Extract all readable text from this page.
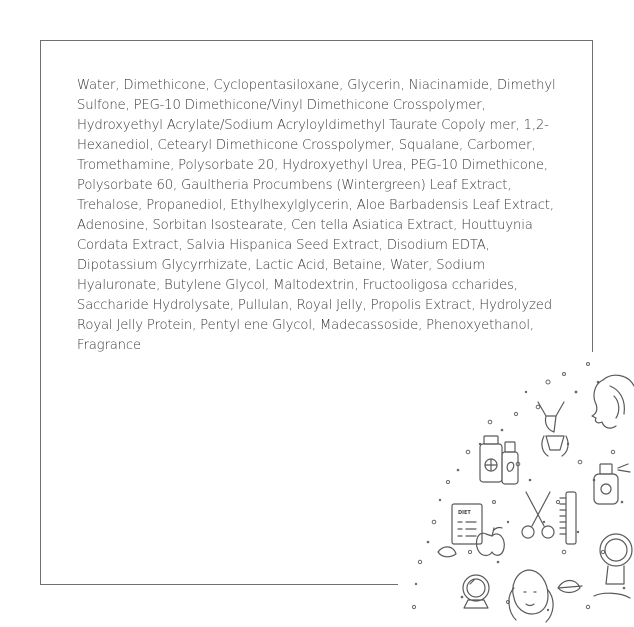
Water, Dimethicone, Cyclopentasiloxane, Glycerin, Niacinamide, Dimethyl Sulfone, PEG-10 Dimethicone/Vinyl Dimethicone Crosspolymer, Hydroxyethyl Acrylate/Sodium Acryloyldimethyl Taurate Copoly mer, 1,2-Hexanediol, Cetearyl Dimethicone Crosspolymer, Squalane, Carbomer, Tromethamine, Polysorbate 20, Hydroxyethyl Urea, PEG-10 Dimethicone, Polysorbate 60, Gaultheria Procumbens (Wintergreen) Leaf Extract, Trehalose, Propanediol, Ethylhexylglycerin, Aloe Barbadensis Leaf Extract, Adenosine, Sorbitan Isostearate, Cen tella Asiatica Extract, Houttuynia Cordata Extract, Salvia Hispanica Seed Extract, Disodium EDTA, Dipotassium Glycyrrhizate, Lactic Acid, Betaine, Water, Sodium Hyaluronate, Butylene Glycol, Maltodextrin, Fructooligosa ccharides, Saccharide Hydrolysate, Pullulan, Royal Jelly, Propolis Extract, Hydrolyzed Royal Jelly Protein, Pentyl ene Glycol, Madecassoside, Phenoxyethanol, Fragrance

DIET
